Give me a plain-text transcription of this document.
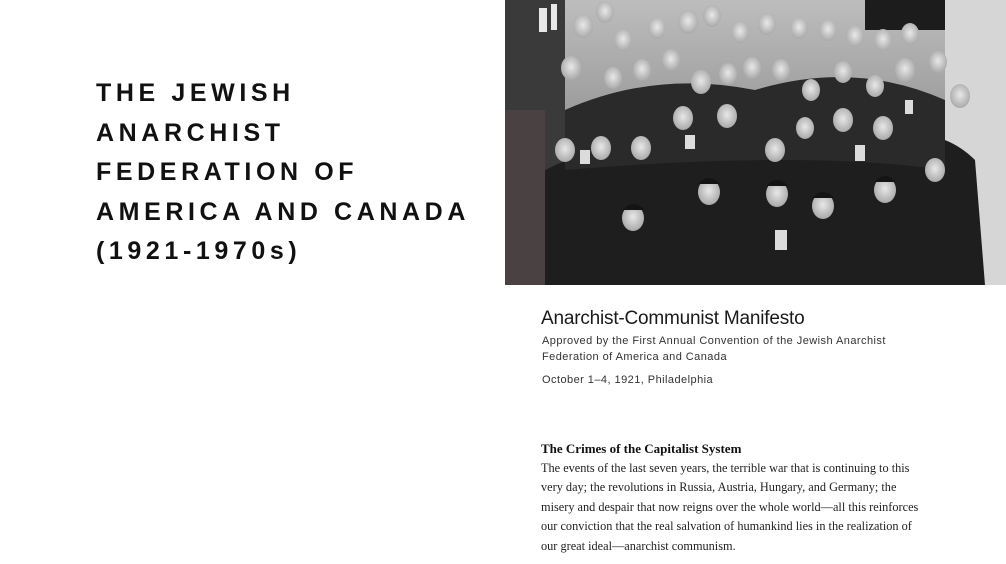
THE JEWISH
ANARCHIST
FEDERATION OF
AMERICA AND CANADA
(1921-1970s)
Anarchist-Communist Manifesto
Approved by the First Annual Convention of the Jewish Anarchist
Federation of America and Canada
October 1–4, 1921, Philadelphia
The Crimes of the Capitalist System
The events of the last seven years, the terrible war that is continuing to this
very day; the revolutions in Russia, Austria, Hungary, and Germany; the
misery and despair that now reigns over the whole world—all this reinforces
our conviction that the real salvation of humankind lies in the realization of
our great ideal—anarchist communism.
